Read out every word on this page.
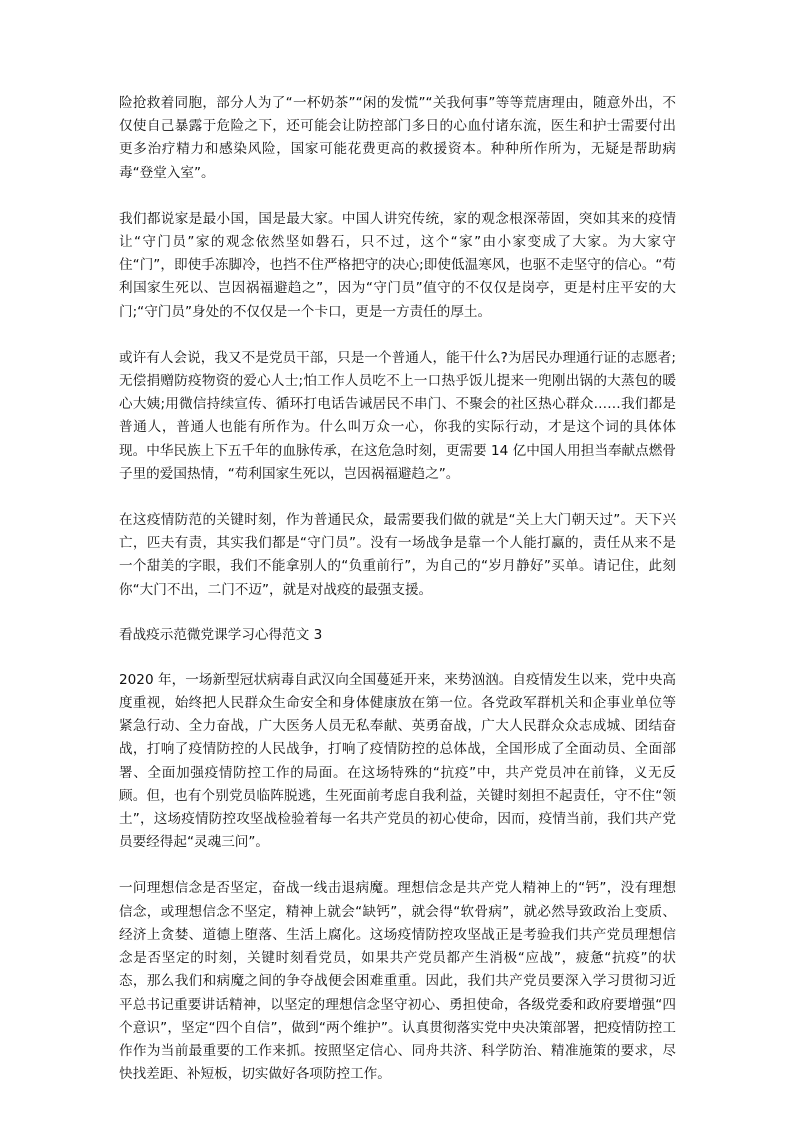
险抢救着同胞，部分人为了“一杯奶茶”“闲的发慌”“关我何事”等等荒唐理由，随意外出，不仅使自己暴露于危险之下，还可能会让防控部门多日的心血付诸东流，医生和护士需要付出更多治疗精力和感染风险，国家可能花费更高的救援资本。种种所作所为，无疑是帮助病毒“登堂入室”。

我们都说家是最小国，国是最大家。中国人讲究传统，家的观念根深蒂固，突如其来的疫情让“守门员”家的观念依然坚如磐石，只不过，这个“家”由小家变成了大家。为大家守住“门”，即使手冻脚冷，也挡不住严格把守的决心;即使低温寒风，也驱不走坚守的信心。“苟利国家生死以、岂因祸福避趋之”，因为“守门员”值守的不仅仅是岗亭，更是村庄平安的大门;“守门员”身处的不仅仅是一个卡口，更是一方责任的厚土。

或许有人会说，我又不是党员干部，只是一个普通人，能干什么?为居民办理通行证的志愿者;无偿捐赠防疫物资的爱心人士;怕工作人员吃不上一口热乎饭儿提来一兜刚出锅的大蒸包的暖心大姨;用微信持续宣传、循环打电话告诫居民不串门、不聚会的社区热心群众……我们都是普通人，普通人也能有所作为。什么叫万众一心，你我的实际行动，才是这个词的具体体现。中华民族上下五千年的血脉传承，在这危急时刻，更需要 14 亿中国人用担当奉献点燃骨子里的爱国热情，“苟利国家生死以，岂因祸福避趋之”。

在这疫情防范的关键时刻，作为普通民众，最需要我们做的就是“关上大门朝天过”。天下兴亡，匹夫有责，其实我们都是“守门员”。没有一场战争是靠一个人能打赢的，责任从来不是一个甜美的字眼，我们不能拿别人的“负重前行”，为自己的“岁月静好”买单。请记住，此刻你“大门不出，二门不迈”，就是对战疫的最强支援。

看战疫示范微党课学习心得范文 3

2020 年，一场新型冠状病毒自武汉向全国蔓延开来，来势汹汹。自疫情发生以来，党中央高度重视，始终把人民群众生命安全和身体健康放在第一位。各党政军群机关和企事业单位等紧急行动、全力奋战，广大医务人员无私奉献、英勇奋战，广大人民群众众志成城、团结奋战，打响了疫情防控的人民战争，打响了疫情防控的总体战，全国形成了全面动员、全面部署、全面加强疫情防控工作的局面。在这场特殊的“抗疫”中，共产党员冲在前锋，义无反顾。但，也有个别党员临阵脱逃，生死面前考虑自我利益，关键时刻担不起责任，守不住“领土”，这场疫情防控攻坚战检验着每一名共产党员的初心使命，因而，疫情当前，我们共产党员要经得起“灵魂三问”。

一问理想信念是否坚定，奋战一线击退病魔。理想信念是共产党人精神上的“钙”，没有理想信念，或理想信念不坚定，精神上就会“缺钙”，就会得“软骨病”，就必然导致政治上变质、经济上贪婪、道德上堕落、生活上腐化。这场疫情防控攻坚战正是考验我们共产党员理想信念是否坚定的时刻，关键时刻看党员，如果共产党员都产生消极“应战”，疲惫“抗疫”的状态，那么我们和病魔之间的争夺战便会困难重重。因此，我们共产党员要深入学习贯彻习近平总书记重要讲话精神，以坚定的理想信念坚守初心、勇担使命，各级党委和政府要增强“四个意识”，坚定“四个自信”，做到“两个维护”。认真贯彻落实党中央决策部署，把疫情防控工作作为当前最重要的工作来抓。按照坚定信心、同舟共济、科学防治、精准施策的要求，尽快找差距、补短板，切实做好各项防控工作。
